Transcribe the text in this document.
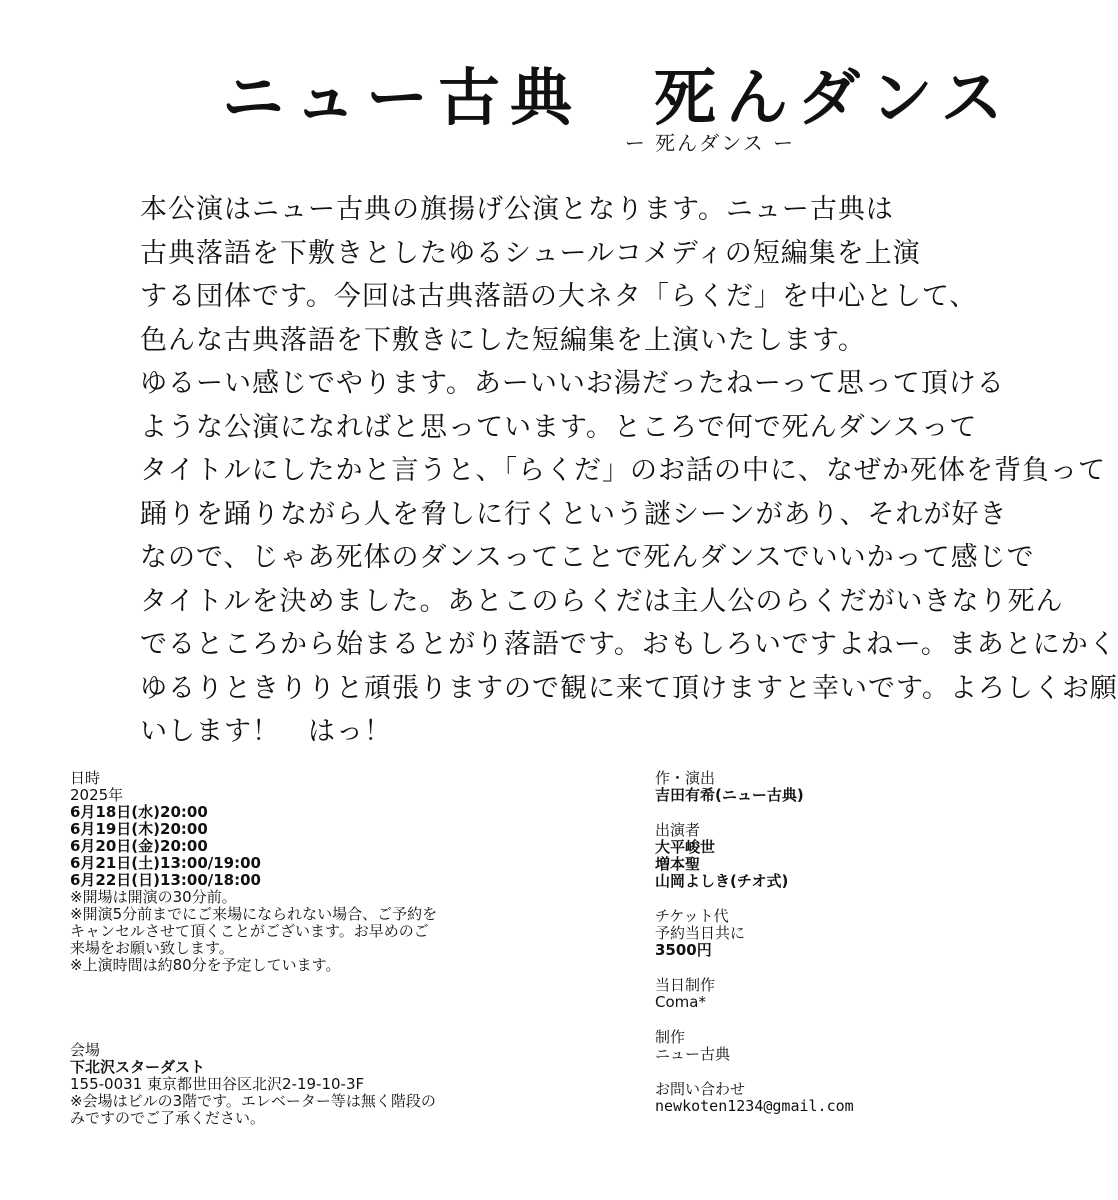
ニュー古典　死んダンス
ー 死んダンス ー
本公演はニュー古典の旗揚げ公演となります。ニュー古典は
古典落語を下敷きとしたゆるシュールコメディの短編集を上演
する団体です。今回は古典落語の大ネタ「らくだ」を中心として、
色んな古典落語を下敷きにした短編集を上演いたします。
ゆるーい感じでやります。あーいいお湯だったねーって思って頂ける
ような公演になればと思っています。ところで何で死んダンスって
タイトルにしたかと言うと、「らくだ」のお話の中に、なぜか死体を背負って
踊りを踊りながら人を脅しに行くという謎シーンがあり、それが好き
なので、じゃあ死体のダンスってことで死んダンスでいいかって感じで
タイトルを決めました。あとこのらくだは主人公のらくだがいきなり死ん
でるところから始まるとがり落語です。おもしろいですよねー。まあとにかく
ゆるりときりりと頑張りますので観に来て頂けますと幸いです。よろしくお願
いします！　はっ！
日時
2025年
6月18日(水)20:00
6月19日(木)20:00
6月20日(金)20:00
6月21日(土)13:00/19:00
6月22日(日)13:00/18:00
※開場は開演の30分前。
※開演5分前までにご来場になられない場合、ご予約を
キャンセルさせて頂くことがございます。お早めのご
来場をお願い致します。
※上演時間は約80分を予定しています。
会場
下北沢スターダスト
155-0031 東京都世田谷区北沢2-19-10-3F
※会場はビルの3階です。エレベーター等は無く階段の
みですのでご了承ください。
作・演出
吉田有希(ニュー古典)
出演者
大平峻世
増本聖
山岡よしき(チオ式)
チケット代
予約当日共に
3500円
当日制作
Coma*
制作
ニュー古典
お問い合わせ
newkoten1234@gmail.com
